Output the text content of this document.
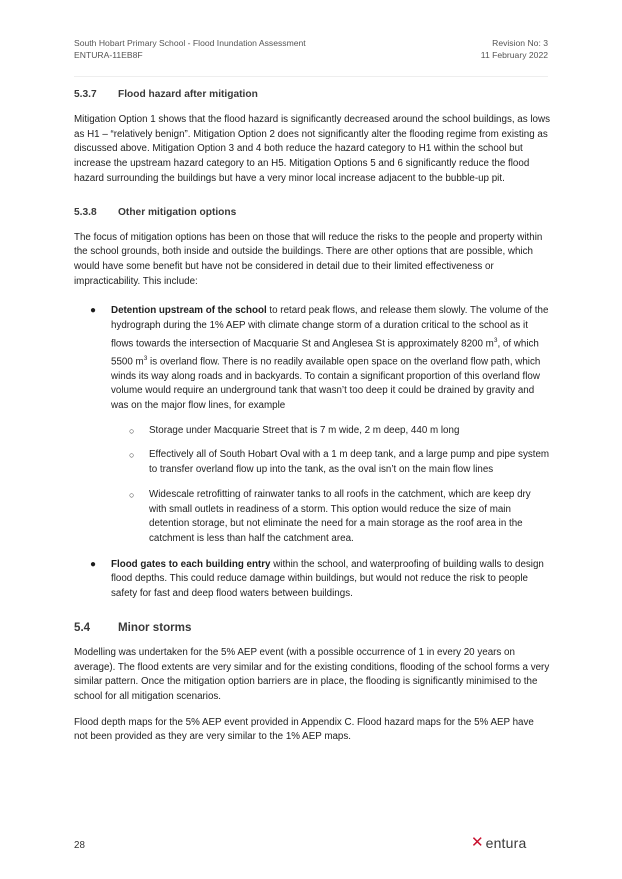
South Hobart Primary School - Flood Inundation Assessment
ENTURA-11EB8F
Revision No: 3
11 February 2022
5.3.7	Flood hazard after mitigation

Mitigation Option 1 shows that the flood hazard is significantly decreased around the school buildings, as lows as H1 – “relatively benign”. Mitigation Option 2 does not significantly alter the flooding regime from existing as discussed above. Mitigation Option 3 and 4 both reduce the hazard category to H1 within the school but increase the upstream hazard category to an H5. Mitigation Options 5 and 6 significantly reduce the flood hazard surrounding the buildings but have a very minor local increase adjacent to the bubble-up pit.

5.3.8	Other mitigation options

The focus of mitigation options has been on those that will reduce the risks to the people and property within the school grounds, both inside and outside the buildings. There are other options that are possible, which would have some benefit but have not be considered in detail due to their limited effectiveness or impracticability. This include:

● Detention upstream of the school to retard peak flows, and release them slowly. The volume of the hydrograph during the 1% AEP with climate change storm of a duration critical to the school as it flows towards the intersection of Macquarie St and Anglesea St is approximately 8200 $m^3$, of which 5500 $m^3$ is overland flow. There is no readily available open space on the overland flow path, which winds its way along roads and in backyards. To contain a significant proportion of this overland flow volume would require an underground tank that wasn’t too deep it could be drained by gravity and was on the major flow lines, for example
○ Storage under Macquarie Street that is 7 m wide, 2 m deep, 440 m long
○ Effectively all of South Hobart Oval with a 1 m deep tank, and a large pump and pipe system to transfer overland flow up into the tank, as the oval isn’t on the main flow lines
○ Widescale retrofitting of rainwater tanks to all roofs in the catchment, which are keep dry with small outlets in readiness of a storm. This option would reduce the size of main detention storage, but not eliminate the need for a main storage as the roof area in the catchment is less than half the catchment area.
● Flood gates to each building entry within the school, and waterproofing of building walls to design flood depths. This could reduce damage within buildings, but would not reduce the risk to people safety for fast and deep flood waters between buildings.
5.4	Minor storms

Modelling was undertaken for the 5% AEP event (with a possible occurrence of 1 in every 20 years on average). The flood extents are very similar and for the existing conditions, flooding of the school forms a very similar pattern. Once the mitigation option barriers are in place, the flooding is significantly minimised to the school for all mitigation scenarios.

Flood depth maps for the 5% AEP event provided in Appendix C. Flood hazard maps for the 5% AEP have not been provided as they are very similar to the 1% AEP maps.

28	✕ entura
